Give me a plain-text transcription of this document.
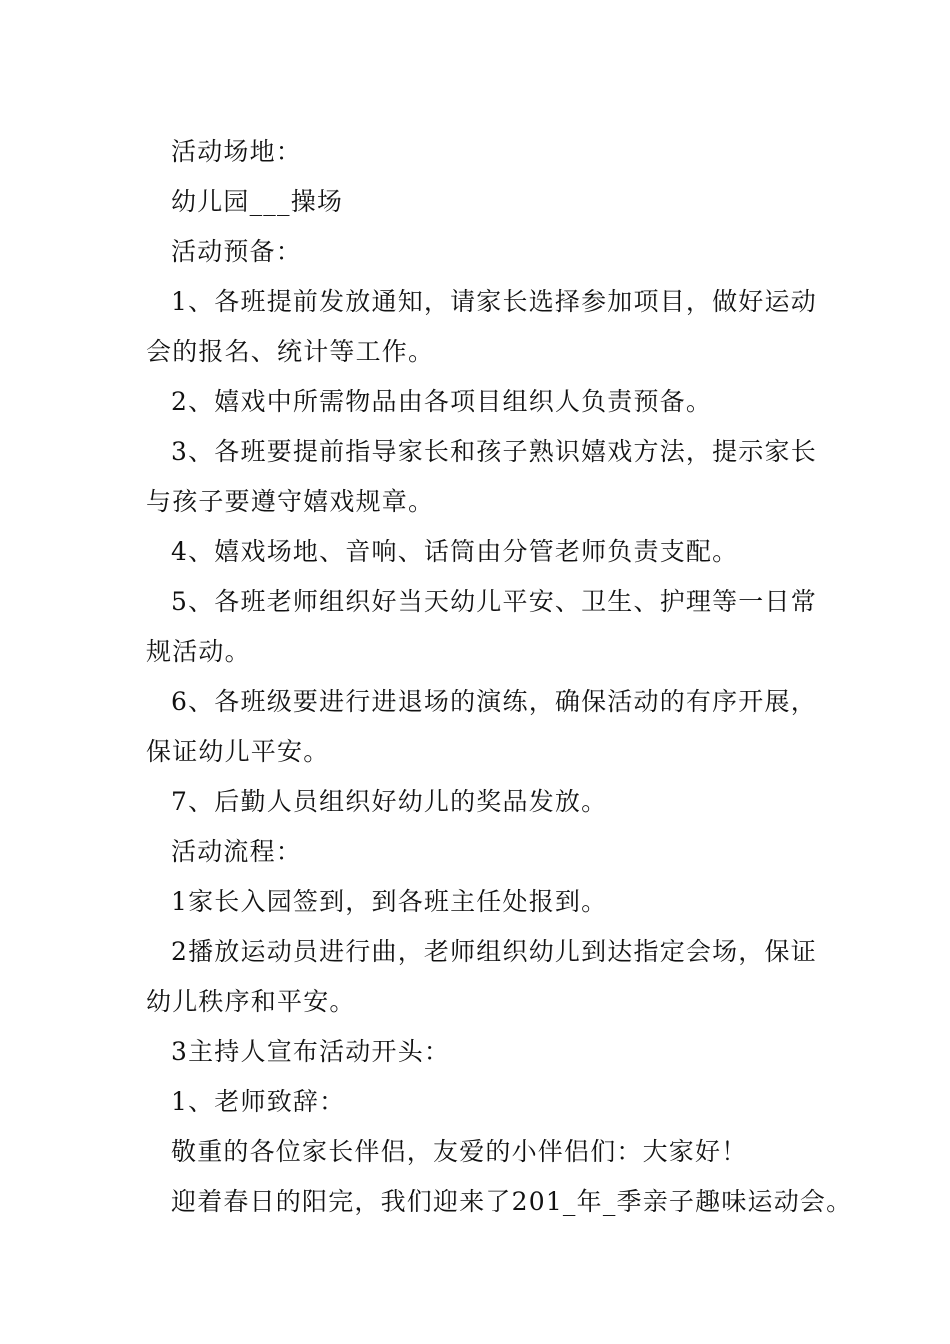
活动场地：
幼儿园___操场
活动预备：
1、各班提前发放通知，请家长选择参加项目，做好运动
会的报名、统计等工作。
2、嬉戏中所需物品由各项目组织人负责预备。
3、各班要提前指导家长和孩子熟识嬉戏方法，提示家长
与孩子要遵守嬉戏规章。
4、嬉戏场地、音响、话筒由分管老师负责支配。
5、各班老师组织好当天幼儿平安、卫生、护理等一日常
规活动。
6、各班级要进行进退场的演练，确保活动的有序开展，
保证幼儿平安。
7、后勤人员组织好幼儿的奖品发放。
活动流程：
1家长入园签到，到各班主任处报到。
2播放运动员进行曲，老师组织幼儿到达指定会场，保证
幼儿秩序和平安。
3主持人宣布活动开头：
1、老师致辞：
敬重的各位家长伴侣，友爱的小伴侣们：大家好！
迎着春日的阳完，我们迎来了201_年_季亲子趣味运动会。
